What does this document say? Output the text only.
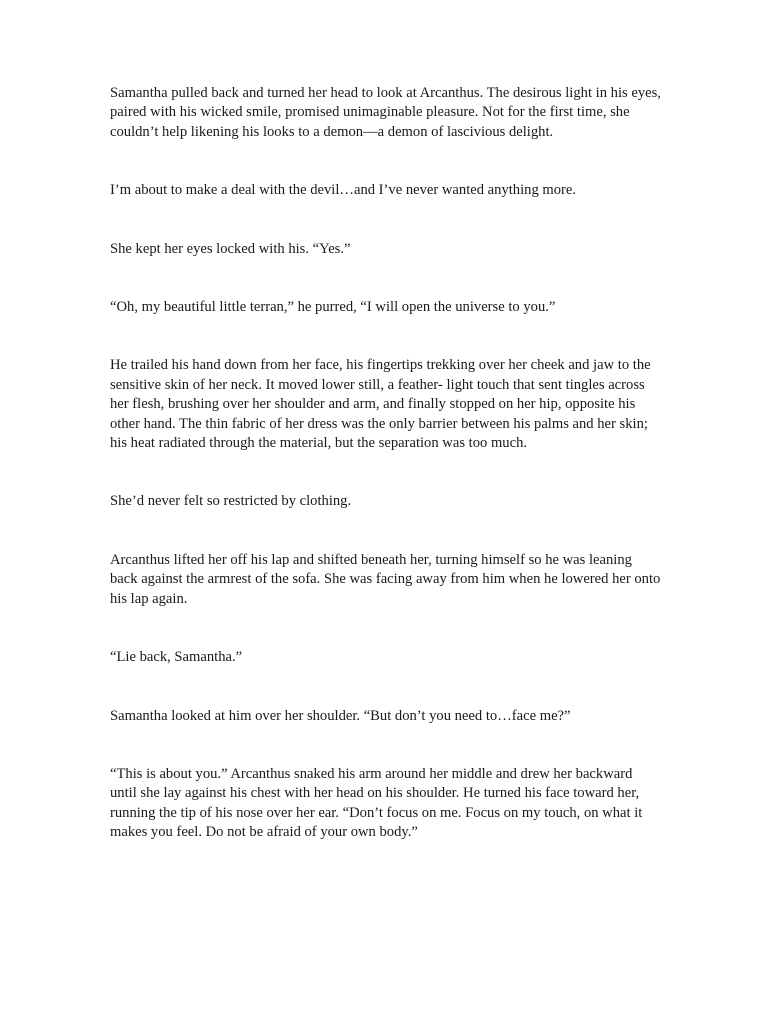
Samantha pulled back and turned her head to look at Arcanthus. The desirous light in his eyes, paired with his wicked smile, promised unimaginable pleasure. Not for the first time, she couldn’t help likening his looks to a demon—a demon of lascivious delight.

I’m about to make a deal with the devil…and I’ve never wanted anything more.

She kept her eyes locked with his. “Yes.”

“Oh, my beautiful little terran,” he purred, “I will open the universe to you.”

He trailed his hand down from her face, his fingertips trekking over her cheek and jaw to the sensitive skin of her neck. It moved lower still, a feather- light touch that sent tingles across her flesh, brushing over her shoulder and arm, and finally stopped on her hip, opposite his other hand. The thin fabric of her dress was the only barrier between his palms and her skin; his heat radiated through the material, but the separation was too much.

She’d never felt so restricted by clothing.

Arcanthus lifted her off his lap and shifted beneath her, turning himself so he was leaning back against the armrest of the sofa. She was facing away from him when he lowered her onto his lap again.

“Lie back, Samantha.”

Samantha looked at him over her shoulder. “But don’t you need to…face me?”

“This is about you.” Arcanthus snaked his arm around her middle and drew her backward until she lay against his chest with her head on his shoulder. He turned his face toward her, running the tip of his nose over her ear. “Don’t focus on me. Focus on my touch, on what it makes you feel. Do not be afraid of your own body.”
